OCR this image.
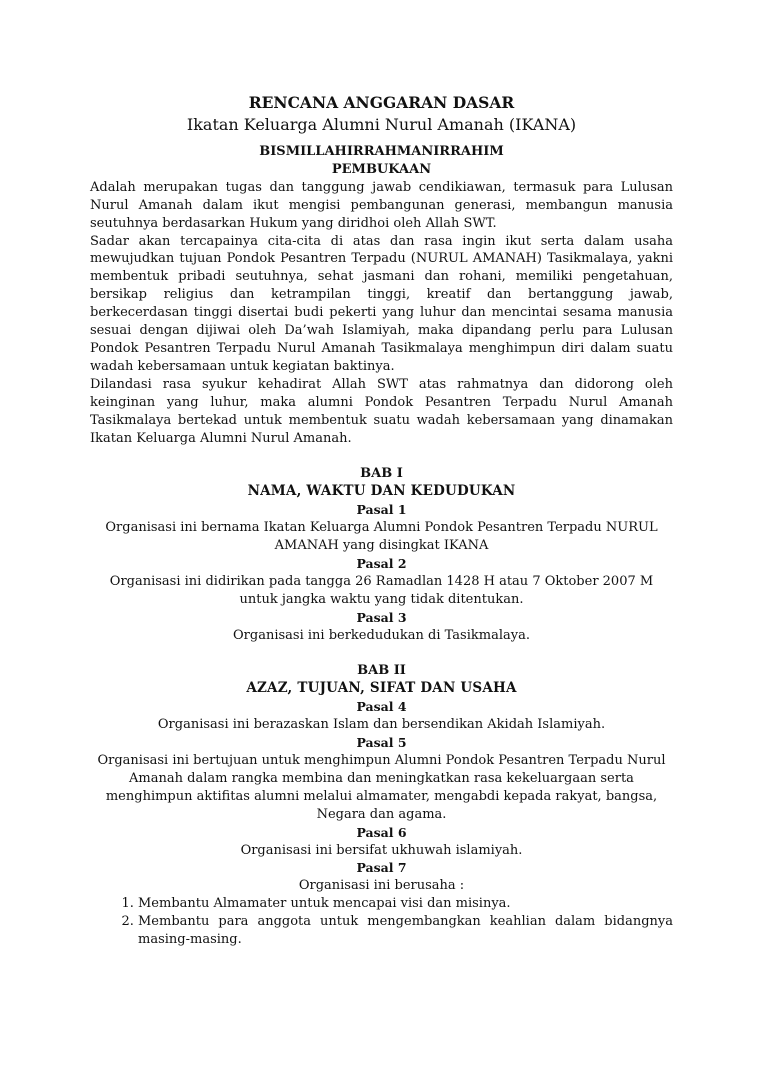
RENCANA ANGGARAN DASAR
Ikatan Keluarga Alumni Nurul Amanah (IKANA)
BISMILLAHIRRAHMANIRRAHIM
PEMBUKAAN

Adalah merupakan tugas dan tanggung jawab cendikiawan, termasuk para Lulusan Nurul Amanah dalam ikut mengisi pembangunan generasi, membangun manusia seutuhnya berdasarkan Hukum yang diridhoi oleh Allah SWT.

Sadar akan tercapainya cita-cita di atas dan rasa ingin ikut serta dalam usaha mewujudkan tujuan Pondok Pesantren Terpadu (NURUL AMANAH) Tasikmalaya, yakni membentuk pribadi seutuhnya, sehat jasmani dan rohani, memiliki pengetahuan, bersikap religius dan ketrampilan tinggi, kreatif dan bertanggung jawab, berkecerdasan tinggi disertai budi pekerti yang luhur dan mencintai sesama manusia sesuai dengan dijiwai oleh Da’wah Islamiyah, maka dipandang perlu para Lulusan Pondok Pesantren Terpadu Nurul Amanah Tasikmalaya menghimpun diri dalam suatu wadah kebersamaan untuk kegiatan baktinya.

Dilandasi rasa syukur kehadirat Allah SWT atas rahmatnya dan didorong oleh keinginan yang luhur, maka alumni Pondok Pesantren Terpadu Nurul Amanah Tasikmalaya bertekad untuk membentuk suatu wadah kebersamaan yang dinamakan Ikatan Keluarga Alumni Nurul Amanah.

BAB I
NAMA, WAKTU DAN KEDUDUKAN
Pasal 1
Organisasi ini bernama Ikatan Keluarga Alumni Pondok Pesantren Terpadu NURUL AMANAH yang disingkat IKANA
Pasal 2
Organisasi ini didirikan pada tangga 26 Ramadlan 1428 H atau 7 Oktober 2007 M untuk jangka waktu yang tidak ditentukan.
Pasal 3
Organisasi ini berkedudukan di Tasikmalaya.
BAB II
AZAZ, TUJUAN, SIFAT DAN USAHA
Pasal 4
Organisasi ini berazaskan Islam dan bersendikan Akidah Islamiyah.
Pasal 5
Organisasi ini bertujuan untuk menghimpun Alumni Pondok Pesantren Terpadu Nurul Amanah dalam rangka membina dan meningkatkan rasa kekeluargaan serta menghimpun aktifitas alumni melalui almamater, mengabdi kepada rakyat, bangsa, Negara dan agama.
Pasal 6
Organisasi ini bersifat ukhuwah islamiyah.
Pasal 7
Organisasi ini berusaha :
1. Membantu Almamater untuk mencapai visi dan misinya.
2. Membantu para anggota untuk mengembangkan keahlian dalam bidangnya masing-masing.
